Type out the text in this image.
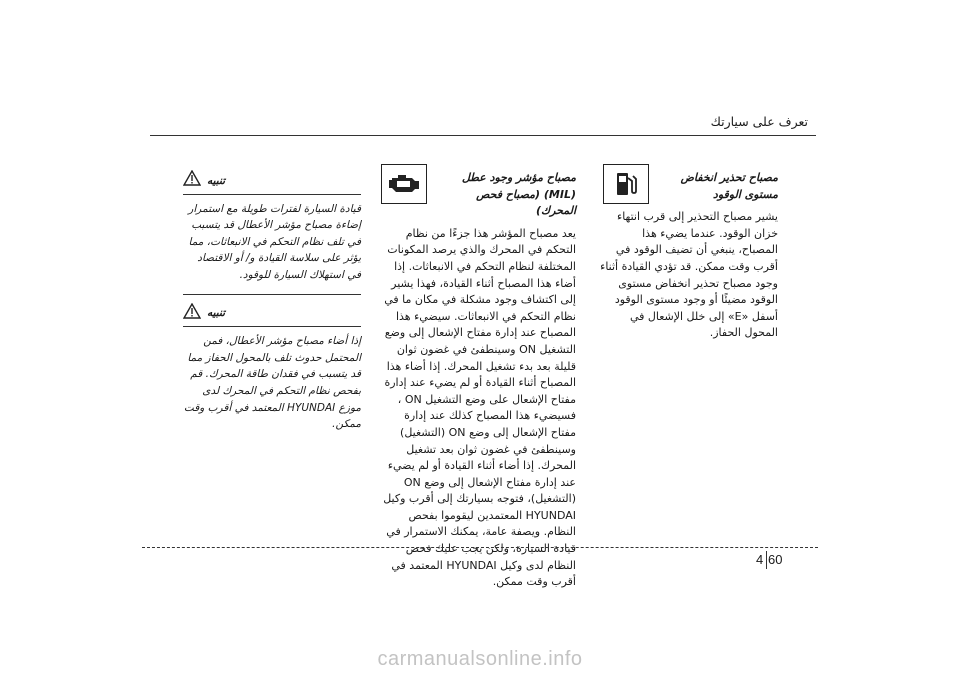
تعرف على سيارتك

مصباح تحذير انخفاض مستوى الوقود

يشير مصباح التحذير إلى قرب انتهاء خزان الوقود. عندما يضيء هذا المصباح، ينبغي أن تضيف الوقود في أقرب وقت ممكن. قد تؤدي القيادة أثناء وجود مصباح تحذير انخفاض مستوى الوقود مضيئًا أو وجود مستوى الوقود أسفل «E» إلى خلل الإشعال في المحول الحفاز.

مصباح مؤشر وجود عطل (MIL) (مصباح فحص المحرك)

يعد مصباح المؤشر هذا جزءًا من نظام التحكم في المحرك والذي يرصد المكونات المختلفة لنظام التحكم في الانبعاثات. إذا أضاء هذا المصباح أثناء القيادة، فهذا يشير إلى اكتشاف وجود مشكلة في مكان ما في نظام التحكم في الانبعاثات. سيضيء هذا المصباح عند إدارة مفتاح الإشعال إلى وضع التشغيل ON وسينطفئ في غضون ثوان قليلة بعد بدء تشغيل المحرك. إذا أضاء هذا المصباح أثناء القيادة أو لم يضيء عند إدارة مفتاح الإشعال على وضع التشغيل ON ، فسيضيء هذا المصباح كذلك عند إدارة مفتاح الإشعال إلى وضع ON (التشغيل) وسينطفئ في غضون ثوان بعد تشغيل المحرك. إذا أضاء أثناء القيادة أو لم يضيء عند إدارة مفتاح الإشعال إلى وضع ON (التشغيل)، فتوجه بسيارتك إلى أقرب وكيل HYUNDAI المعتمدين ليقوموا بفحص النظام. ويصفة عامة، يمكنك الاستمرار في قيادة السيارة، ولكن يجب عليك فحص النظام لدى وكيل HYUNDAI المعتمد في أقرب وقت ممكن.

تنبيه

قيادة السيارة لفترات طويلة مع استمرار إضاءة مصباح مؤشر الأعطال قد يتسبب في تلف نظام التحكم في الانبعاثات، مما يؤثر على سلاسة القيادة و/ أو الاقتصاد في استهلاك السيارة للوقود.

تنبيه

إذا أضاء مصباح مؤشر الأعطال، فمن المحتمل حدوث تلف بالمحول الحفاز مما قد يتسبب في فقدان طاقة المحرك. قم بفحص نظام التحكم في المحرك لدى موزع HYUNDAI المعتمد في أقرب وقت ممكن.

4 60
carmanualsonline.info
